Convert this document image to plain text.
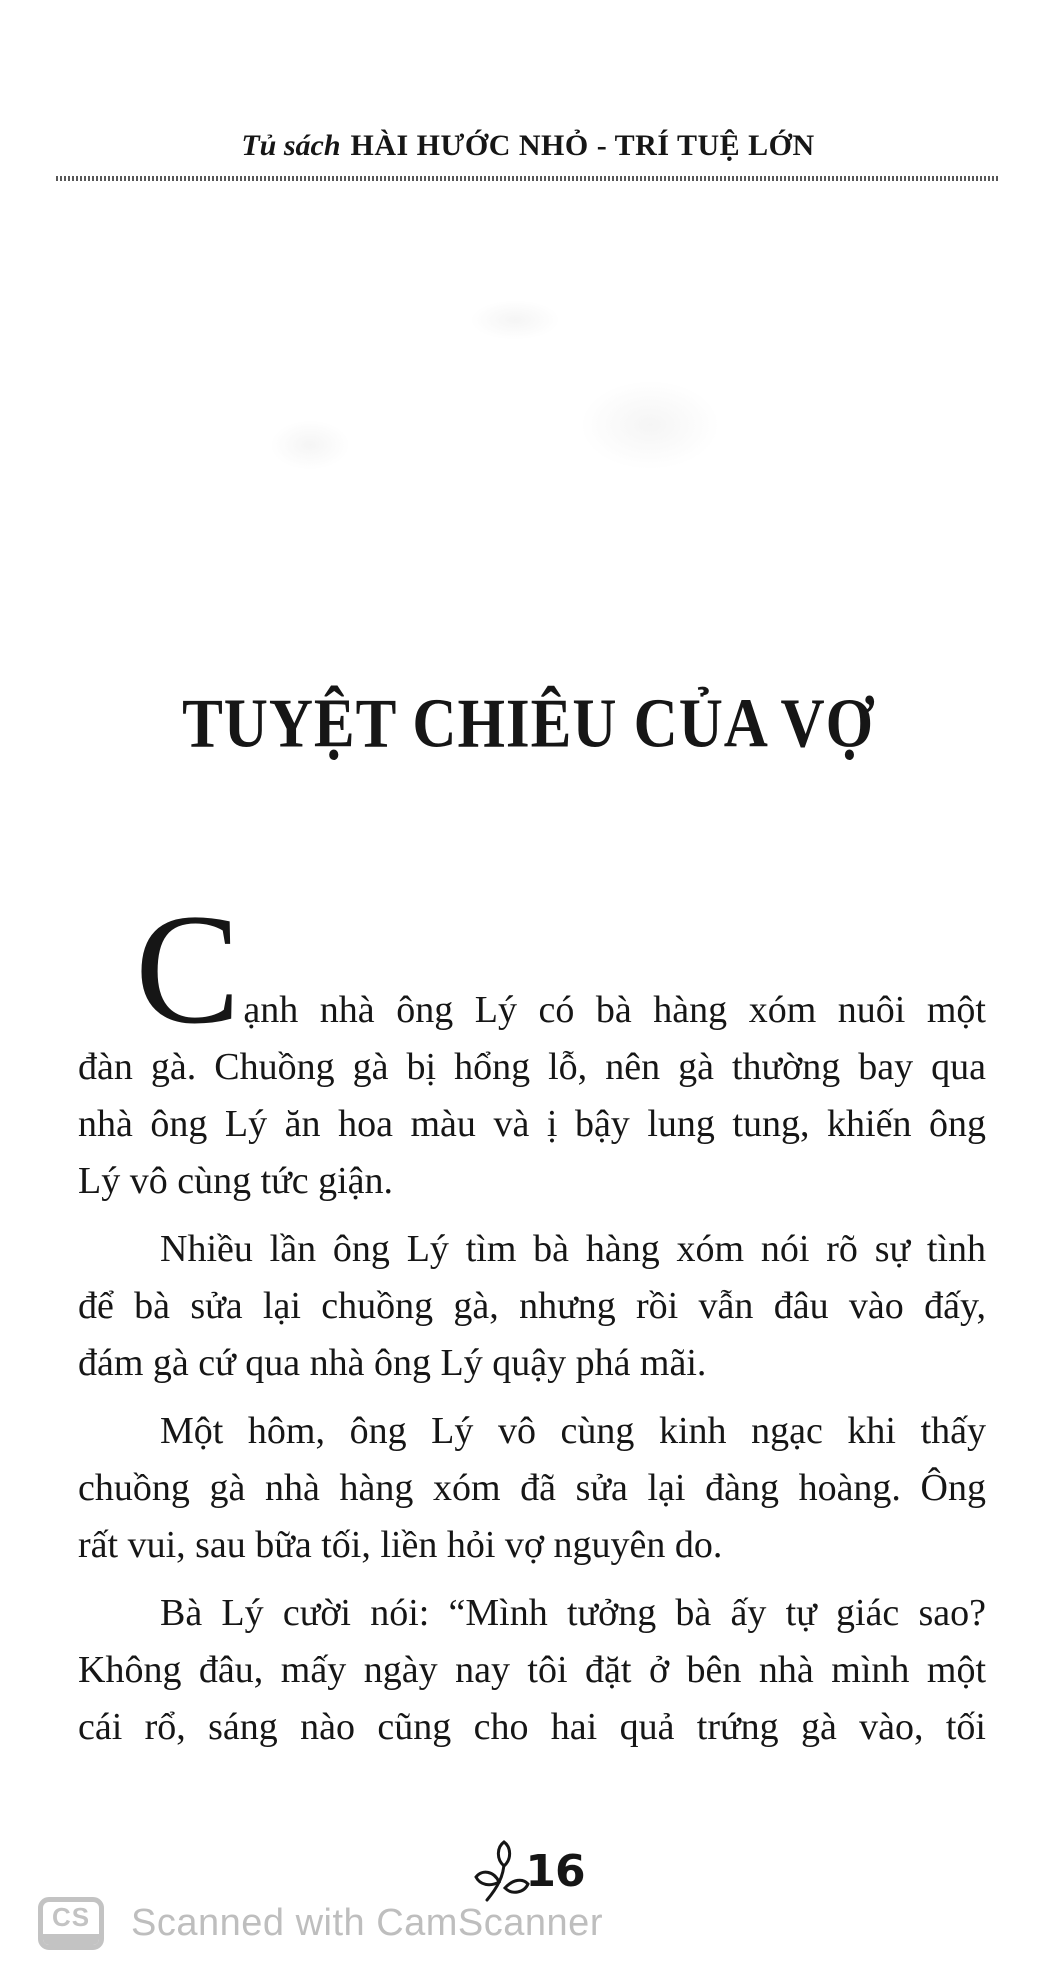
Tủ sách HÀI HƯỚC NHỎ - TRÍ TUỆ LỚN
TUYỆT CHIÊU CỦA VỢ
Cạnh nhà ông Lý có bà hàng xóm nuôi một
đàn gà. Chuồng gà bị hổng lỗ, nên gà thường bay qua
nhà ông Lý ăn hoa màu và ị bậy lung tung, khiến ông
Lý vô cùng tức giận.
Nhiều lần ông Lý tìm bà hàng xóm nói rõ sự tình
để bà sửa lại chuồng gà, nhưng rồi vẫn đâu vào đấy,
đám gà cứ qua nhà ông Lý quậy phá mãi.
Một hôm, ông Lý vô cùng kinh ngạc khi thấy
chuồng gà nhà hàng xóm đã sửa lại đàng hoàng. Ông
rất vui, sau bữa tối, liền hỏi vợ nguyên do.
Bà Lý cười nói: “Mình tưởng bà ấy tự giác sao?
Không đâu, mấy ngày nay tôi đặt ở bên nhà mình một
cái rổ, sáng nào cũng cho hai quả trứng gà vào, tối
16
CS Scanned with CamScanner
